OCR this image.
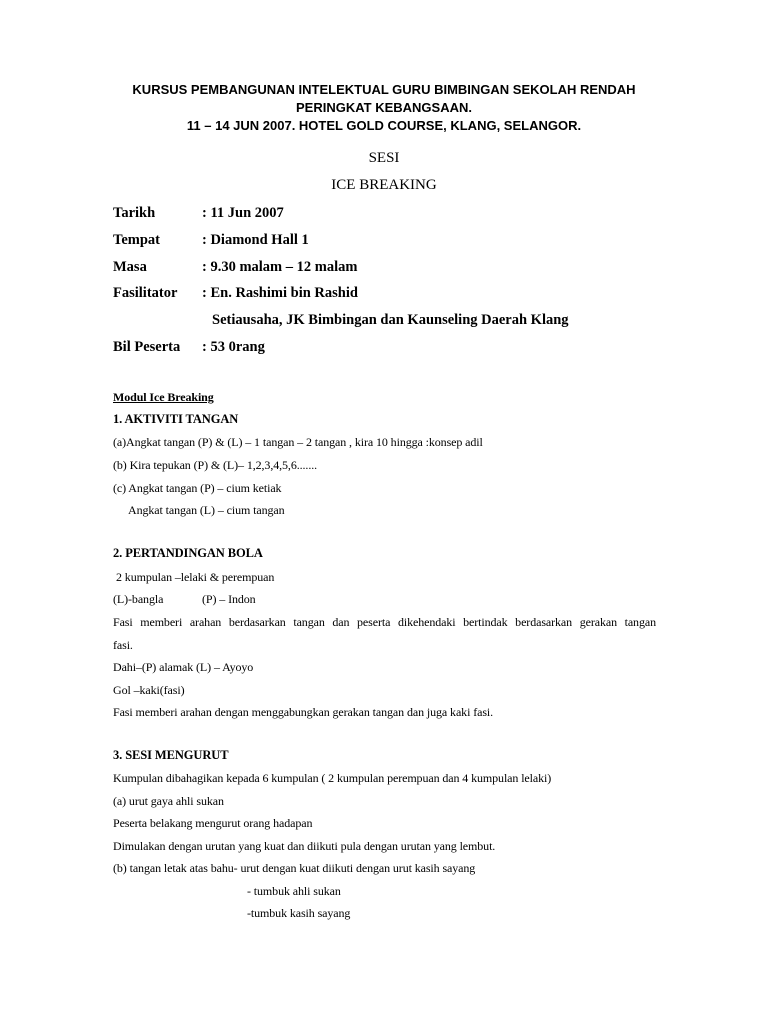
KURSUS PEMBANGUNAN INTELEKTUAL GURU BIMBINGAN SEKOLAH RENDAH
PERINGKAT KEBANGSAAN.
11 – 14 JUN 2007. HOTEL GOLD COURSE, KLANG, SELANGOR.
SESI
ICE BREAKING
Tarikh	: 11 Jun 2007
Tempat	: Diamond Hall 1
Masa	: 9.30 malam – 12 malam
Fasilitator : En. Rashimi bin Rashid
Setiausaha, JK Bimbingan dan Kaunseling Daerah Klang
Bil Peserta : 53 0rang
Modul Ice Breaking
1. AKTIVITI TANGAN
(a)Angkat tangan (P) & (L) – 1 tangan – 2 tangan , kira 10 hingga :konsep adil
(b) Kira tepukan (P) & (L)– 1,2,3,4,5,6.......
(c) Angkat tangan (P) – cium ketiak
Angkat tangan (L) – cium tangan
2. PERTANDINGAN BOLA
2 kumpulan –lelaki & perempuan
(L)-bangla	(P) – Indon
Fasi memberi arahan berdasarkan tangan dan peserta dikehendaki bertindak berdasarkan gerakan tangan
fasi.
Dahi–(P) alamak (L) – Ayoyo
Gol –kaki(fasi)
Fasi memberi arahan dengan menggabungkan gerakan tangan dan juga kaki fasi.
3. SESI MENGURUT
Kumpulan dibahagikan kepada 6 kumpulan ( 2 kumpulan perempuan dan 4 kumpulan lelaki)
(a) urut gaya ahli sukan
Peserta belakang mengurut orang hadapan
Dimulakan dengan urutan yang kuat dan diikuti pula dengan urutan yang lembut.
(b) tangan letak atas bahu- urut dengan kuat diikuti dengan urut kasih sayang
- tumbuk ahli sukan
-tumbuk kasih sayang
